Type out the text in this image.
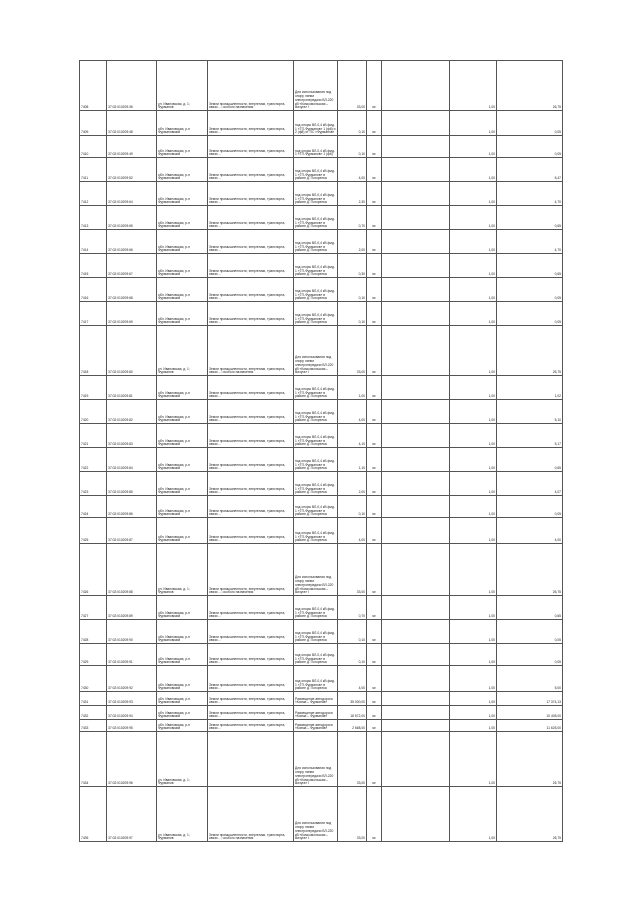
7408	37:02:010209:36	ул. Ивановская, д. 1; Фурманов	Земли промышленности, энергетики, транспорта, связи…; особого назначения	Для использования под опору линии электропередачи ВЛ-220 кВ «Комсомольская – Вичуга» I	33,00	м²		1,00	26,75
7409	37:02:010209:48	обл. Ивановская, р-н Фурмановский	Земли промышленности, энергетики, транспорта, связи…	под опоры ВЛ-0,4 кВ фид. 1 «ТП-Фурманов» 1 (ф6) и 2 (ф8) от ПС «Фурманов»	0,10	м²		1,00	0,05
7410	37:02:010209:49	обл. Ивановская, р-н Фурмановский	Земли промышленности, энергетики, транспорта, связи…	под опоры ВЛ-0,4 кВ фид. 1 «ТП-Фурманов» 1 (ф6)	0,10	м²		1,00	0,05
7411	37:02:010209:52	обл. Ивановская, р-н Фурмановский	Земли промышленности, энергетики, транспорта, связи…	под опоры ВЛ-0,4 кВ фид. 1 «ТП-Фурманов» в районе д. Погорелка	4,00	м²		1,00	5,47
7412	37:02:010209:64	обл. Ивановская, р-н Фурмановский	Земли промышленности, энергетики, транспорта, связи…	под опоры ВЛ-0,4 кВ фид. 1 «ТП-Фурманов» в районе д. Погорелка	2,30	м²		1,00	4,70
7413	37:02:010209:65	обл. Ивановская, р-н Фурмановский	Земли промышленности, энергетики, транспорта, связи…	под опоры ВЛ-0,4 кВ фид. 1 «ТП-Фурманов» в районе д. Погорелка	0,70	м²		1,00	0,65
7414	37:02:010209:66	обл. Ивановская, р-н Фурмановский	Земли промышленности, энергетики, транспорта, связи…	под опоры ВЛ-0,4 кВ фид. 1 «ТП-Фурманов» в районе д. Погорелка	2,00	м²		1,00	4,70
7415	37:02:010209:67	обл. Ивановская, р-н Фурмановский	Земли промышленности, энергетики, транспорта, связи…	под опоры ВЛ-0,4 кВ фид. 1 «ТП-Фурманов» в районе д. Погорелка	0,30	м²		1,00	0,65
7416	37:02:010209:68	обл. Ивановская, р-н Фурмановский	Земли промышленности, энергетики, транспорта, связи…	под опоры ВЛ-0,4 кВ фид. 1 «ТП-Фурманов» в районе д. Погорелка	0,10	м²		1,00	0,05
7417	37:02:010209:69	обл. Ивановская, р-н Фурмановский	Земли промышленности, энергетики, транспорта, связи…	под опоры ВЛ-0,4 кВ фид. 1 «ТП-Фурманов» в районе д. Погорелка	0,10	м²		1,00	0,05
7418	37:02:010209:80	ул. Ивановская, д. 1; Фурманов	Земли промышленности, энергетики, транспорта, связи…; особого назначения	Для использования под опору линии электропередачи ВЛ-220 кВ «Комсомольская – Вичуга» I	33,00	м²		1,00	26,75
7419	37:02:010209:81	обл. Ивановская, р-н Фурмановский	Земли промышленности, энергетики, транспорта, связи…	под опоры ВЛ-0,4 кВ фид. 1 «ТП-Фурманов» в районе д. Погорелка	1,00	м²		1,00	1,02
7420	37:02:010209:82	обл. Ивановская, р-н Фурмановский	Земли промышленности, энергетики, транспорта, связи…	под опоры ВЛ-0,4 кВ фид. 1 «ТП-Фурманов» в районе д. Погорелка	4,00	м²		1,00	5,10
7421	37:02:010209:83	обл. Ивановская, р-н Фурмановский	Земли промышленности, энергетики, транспорта, связи…	под опоры ВЛ-0,4 кВ фид. 1 «ТП-Фурманов» в районе д. Погорелка	4,10	м²		1,00	5,17
7422	37:02:010209:84	обл. Ивановская, р-н Фурмановский	Земли промышленности, энергетики, транспорта, связи…	под опоры ВЛ-0,4 кВ фид. 1 «ТП-Фурманов» в районе д. Погорелка	1,10	м²		1,00	0,65
7423	37:02:010209:85	обл. Ивановская, р-н Фурмановский	Земли промышленности, энергетики, транспорта, связи…	под опоры ВЛ-0,4 кВ фид. 1 «ТП-Фурманов» в районе д. Погорелка	2,00	м²		1,00	4,07
7424	37:02:010209:86	обл. Ивановская, р-н Фурмановский	Земли промышленности, энергетики, транспорта, связи…	под опоры ВЛ-0,4 кВ фид. 1 «ТП-Фурманов» в районе д. Погорелка	0,10	м²		1,00	0,05
7425	37:02:010209:87	обл. Ивановская, р-н Фурмановский	Земли промышленности, энергетики, транспорта, связи…	под опоры ВЛ-0,4 кВ фид. 1 «ТП-Фурманов» в районе д. Погорелка	4,00	м²		1,00	4,00
7426	37:02:010209:88	ул. Ивановская, д. 1; Фурманов	Земли промышленности, энергетики, транспорта, связи…; особого назначения	Для использования под опору линии электропередачи ВЛ-220 кВ «Комсомольская – Вичуга» I	33,00	м²		1,00	26,75
7427	37:02:010209:89	обл. Ивановская, р-н Фурмановский	Земли промышленности, энергетики, транспорта, связи…	под опоры ВЛ-0,4 кВ фид. 1 «ТП-Фурманов» в районе д. Погорелка	0,70	м²		1,00	0,65
7428	37:02:010209:90	обл. Ивановская, р-н Фурмановский	Земли промышленности, энергетики, транспорта, связи…	под опоры ВЛ-0,4 кВ фид. 1 «ТП-Фурманов» в районе д. Погорелка	0,10	м²		1,00	0,05
7429	37:02:010209:91	обл. Ивановская, р-н Фурмановский	Земли промышленности, энергетики, транспорта, связи…	под опоры ВЛ-0,4 кВ фид. 1 «ТП-Фурманов» в районе д. Погорелка	0,10	м²		1,00	0,05
7430	37:02:010209:92	обл. Ивановская, р-н Фурмановский	Земли промышленности, энергетики, транспорта, связи…	под опоры ВЛ-0,4 кВ фид. 1 «ТП-Фурманов» в районе д. Погорелка	4,00	м²		1,00	5,00
7431	37:02:010209:93	обл. Ивановская, р-н Фурмановский	Земли промышленности, энергетики, транспорта, связи…	Размещение автодороги «Кохма – Фурманов»	35 000,00	м²		1,00	17 374,13
7432	37:02:010209:94	обл. Ивановская, р-н Фурмановский	Земли промышленности, энергетики, транспорта, связи…	Размещение автодороги «Кохма – Фурманов»	18 572,00	м²		1,00	10 405,00
7433	37:02:010209:95	обл. Ивановская, р-н Фурмановский	Земли промышленности, энергетики, транспорта, связи…	Размещение автодороги «Кохма – Фурманов»	2 668,00	м²		1,00	11 625,00
7434	37:02:010209:96	ул. Ивановская, д. 1; Фурманов		Для использования под опору линии электропередачи ВЛ-220 кВ «Комсомольская – Вичуга» I	33,00	м²		1,00	26,75
7435	37:02:010209:97	ул. Ивановская, д. 1; Фурманов	Земли промышленности, энергетики, транспорта, связи…; особого назначения	Для использования под опору линии электропередачи ВЛ-220 кВ «Комсомольская – Вичуга» I	33,00	м²		1,00	26,75
